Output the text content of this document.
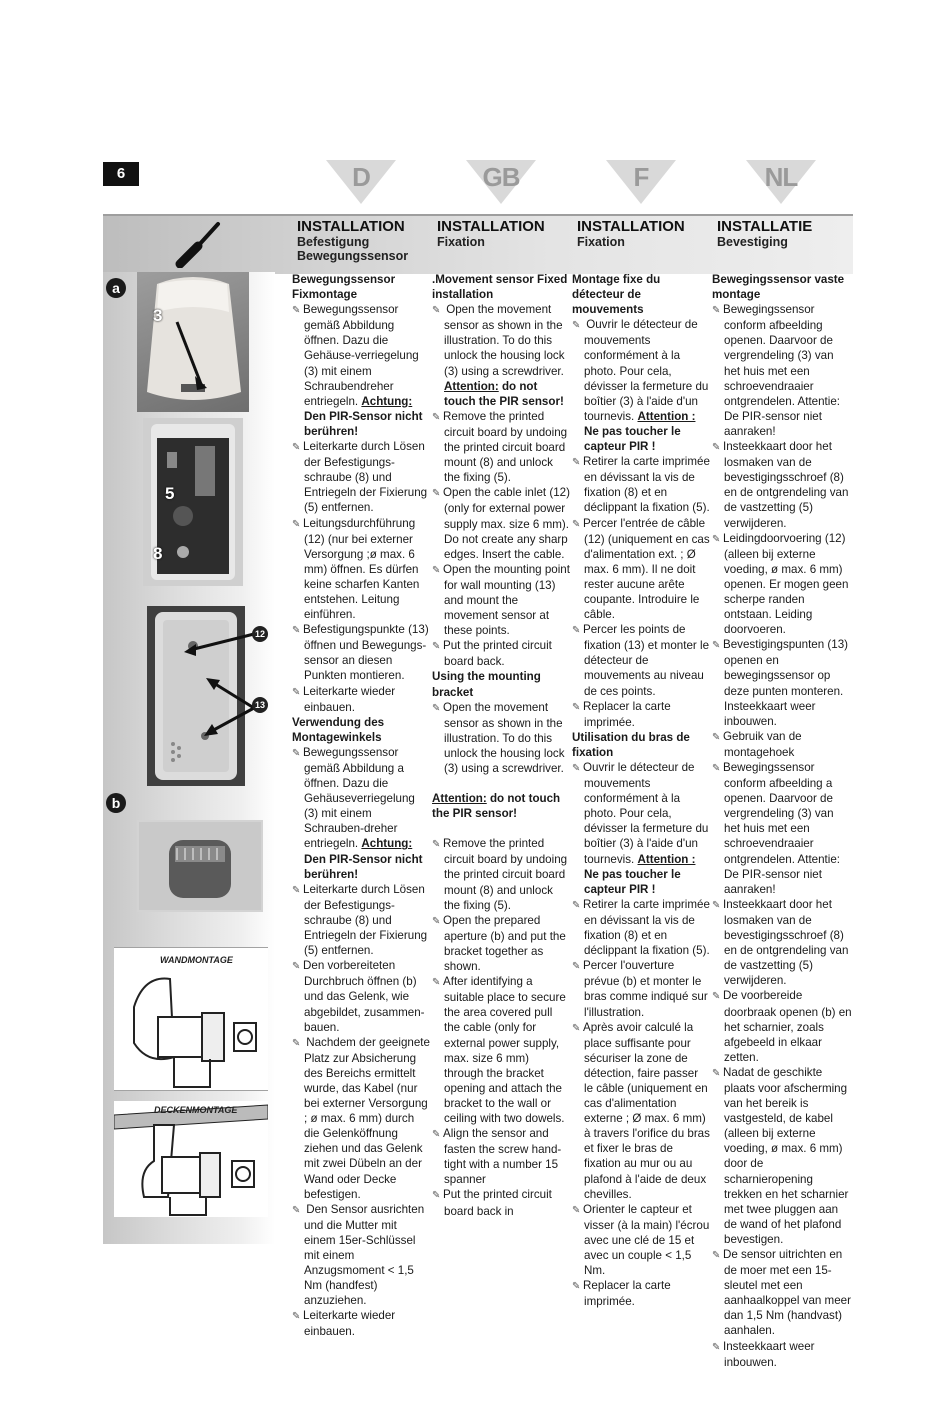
6	D	GB	F	NL
INSTALLATION
Befestigung Bewegungssensor
INSTALLATION
Fixation
INSTALLATION
Fixation
INSTALLATIE
Bevestiging
a
b
3
5
8
12
13
WANDMONTAGE
DECKENMONTAGE

Bewegungssensor Fixmontage

✎ Bewegungssensor gemäß Abbildung öffnen. Dazu die Gehäuse-verriegelung (3) mit einem Schraubendreher entriegeln. Achtung: Den PIR-Sensor nicht berühren!

✎ Leiterkarte durch Lösen der Befestigungs-schraube (8) und Entriegeln der Fixierung (5) entfernen.

✎ Leitungsdurchführung (12) (nur bei externer Versorgung ;ø max. 6 mm) öffnen. Es dürfen keine scharfen Kanten entstehen. Leitung einführen.

✎ Befestigungspunkte (13) öffnen und Bewegungs-sensor an diesen Punkten montieren.

✎ Leiterkarte wieder einbauen.

Verwendung des Montagewinkels

✎ Bewegungssensor gemäß Abbildung a öffnen. Dazu die Gehäuseverriegelung (3) mit einem Schrauben-dreher entriegeln. Achtung: Den PIR-Sensor nicht berühren!

✎ Leiterkarte durch Lösen der Befestigungs-schraube (8) und Entriegeln der Fixierung (5) entfernen.

✎ Den vorbereiteten Durchbruch öffnen (b) und das Gelenk, wie abgebildet, zusammen-bauen.

✎ Nachdem der geeignete Platz zur Absicherung des Bereichs ermittelt wurde, das Kabel (nur bei externer Versorgung ; ø max. 6 mm) durch die Gelenköffnung ziehen und das Gelenk mit zwei Dübeln an der Wand oder Decke befestigen.

✎ Den Sensor ausrichten und die Mutter mit einem 15er-Schlüssel mit einem Anzugsmoment < 1,5 Nm (handfest) anzuziehen.

✎ Leiterkarte wieder einbauen.

.Movement sensor Fixed installation

✎ Open the movement sensor as shown in the illustration. To do this unlock the housing lock (3) using a screwdriver. Attention: do not touch the PIR sensor!

✎ Remove the printed circuit board by undoing the printed circuit board mount (8) and unlock the fixing (5).

✎ Open the cable inlet (12) (only for external power supply max. size 6 mm). Do not create any sharp edges. Insert the cable.

✎ Open the mounting point for wall mounting (13) and mount the movement sensor at these points.

✎ Put the printed circuit board back.

Using the mounting bracket

✎ Open the movement sensor as shown in the illustration. To do this unlock the housing lock (3) using a screwdriver.

Attention: do not touch the PIR sensor!

✎ Remove the printed circuit board by undoing the printed circuit board mount (8) and unlock the fixing (5).

✎ Open the prepared aperture (b) and put the bracket together as shown.

✎ After identifying a suitable place to secure the area covered pull the cable (only for external power supply, max. size 6 mm) through the bracket opening and attach the bracket to the wall or ceiling with two dowels.

✎ Align the sensor and fasten the screw hand-tight with a number 15 spanner

✎ Put the printed circuit board back in

Montage fixe du détecteur de mouvements

✎ Ouvrir le détecteur de mouvements conformément à la photo. Pour cela, dévisser la fermeture du boîtier (3) à l'aide d'un tournevis. Attention : Ne pas toucher le capteur PIR !

✎ Retirer la carte imprimée en dévissant la vis de fixation (8) et en déclippant la fixation (5).

✎ Percer l'entrée de câble (12) (uniquement en cas d'alimentation ext. ; Ø max. 6 mm). Il ne doit rester aucune arête coupante. Introduire le câble.

✎ Percer les points de fixation (13) et monter le détecteur de mouvements au niveau de ces points.

✎ Replacer la carte imprimée.

Utilisation du bras de fixation

✎ Ouvrir le détecteur de mouvements conformément à la photo. Pour cela, dévisser la fermeture du boîtier (3) à l'aide d'un tournevis. Attention : Ne pas toucher le capteur PIR !

✎ Retirer la carte imprimée en dévissant la vis de fixation (8) et en déclippant la fixation (5).

✎ Percer l'ouverture prévue (b) et monter le bras comme indiqué sur l'illustration.

✎ Après avoir calculé la place suffisante pour sécuriser la zone de détection, faire passer le câble (uniquement en cas d'alimentation externe ; Ø max. 6 mm) à travers l'orifice du bras et fixer le bras de fixation au mur ou au plafond à l'aide de deux chevilles.

✎ Orienter le capteur et visser (à la main) l'écrou avec une clé de 15 et avec un couple < 1,5 Nm.

✎ Replacer la carte imprimée.

Bewegingssensor vaste montage

✎ Bewegingssensor conform afbeelding openen. Daarvoor de vergrendeling (3) van het huis met een schroevendraaier ontgrendelen. Attentie: De PIR-sensor niet aanraken!

✎ Insteekkaart door het losmaken van de bevestigingsschroef (8) en de ontgrendeling van de vastzetting (5) verwijderen.

✎ Leidingdoorvoering (12) (alleen bij externe voeding, ø max. 6 mm) openen. Er mogen geen scherpe randen ontstaan. Leiding doorvoeren.

✎ Bevestigingspunten (13) openen en bewegingssensor op deze punten monteren. Insteekkaart weer inbouwen.

✎ Gebruik van de montagehoek

✎ Bewegingssensor conform afbeelding a openen. Daarvoor de vergrendeling (3) van het huis met een schroevendraaier ontgrendelen. Attentie: De PIR-sensor niet aanraken!

✎ Insteekkaart door het losmaken van de bevestigingsschroef (8) en de ontgrendeling van de vastzetting (5) verwijderen.

✎ De voorbereide doorbraak openen (b) en het scharnier, zoals afgebeeld in elkaar zetten.

✎ Nadat de geschikte plaats voor afscherming van het bereik is vastgesteld, de kabel (alleen bij externe voeding, ø max. 6 mm) door de scharnieropening trekken en het scharnier met twee pluggen aan de wand of het plafond bevestigen.

✎ De sensor uitrichten en de moer met een 15-sleutel met een aanhaalkoppel van meer dan 1,5 Nm (handvast) aanhalen.

✎ Insteekkaart weer inbouwen.
